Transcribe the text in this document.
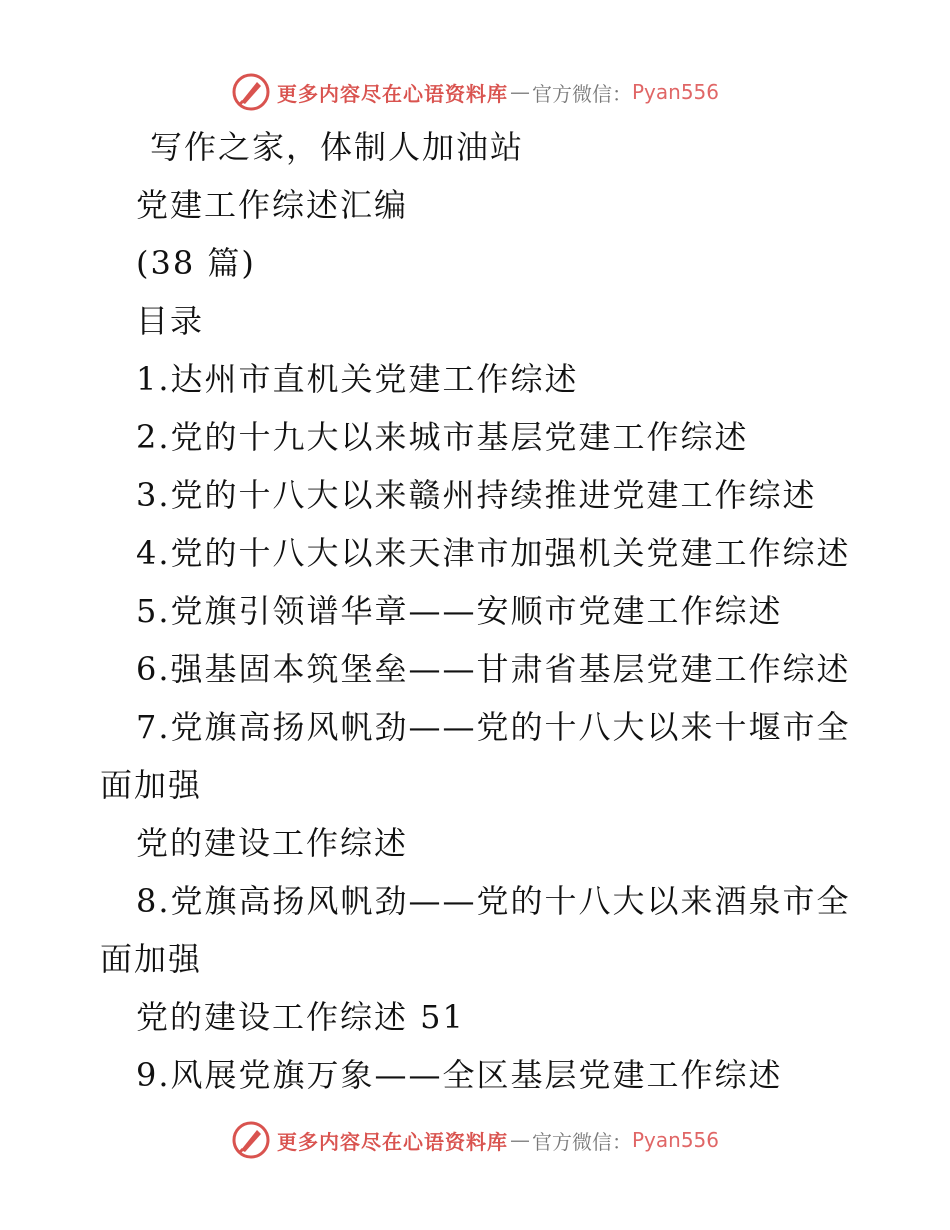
更多内容尽在心语资料库 — 官方微信： Pyan556
写作之家，体制人加油站
党建工作综述汇编
(38 篇)
目录
1.达州市直机关党建工作综述
2.党的十九大以来城市基层党建工作综述
3.党的十八大以来赣州持续推进党建工作综述
4.党的十八大以来天津市加强机关党建工作综述
5.党旗引领谱华章——安顺市党建工作综述
6.强基固本筑堡垒——甘肃省基层党建工作综述
7.党旗高扬风帆劲——党的十八大以来十堰市全
面加强
党的建设工作综述
8.党旗高扬风帆劲——党的十八大以来酒泉市全
面加强
党的建设工作综述 51
9.风展党旗万象——全区基层党建工作综述
更多内容尽在心语资料库 — 官方微信： Pyan556
